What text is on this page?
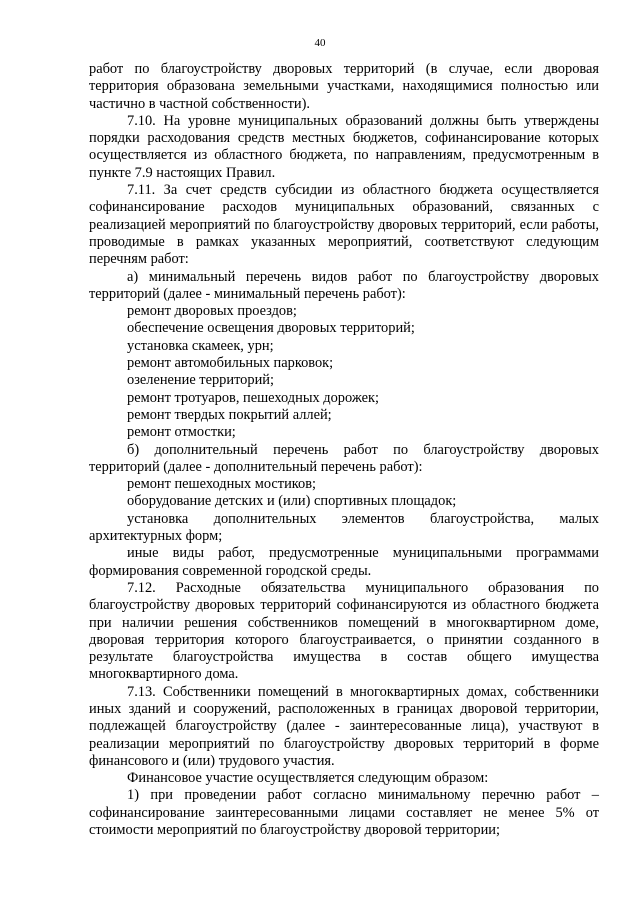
40

работ по благоустройству дворовых территорий (в случае, если дворовая территория образована земельными участками, находящимися полностью или частично в частной собственности).

7.10. На уровне муниципальных образований должны быть утверждены порядки расходования средств местных бюджетов, софинансирование которых осуществляется из областного бюджета, по направлениям, предусмотренным в пункте 7.9 настоящих Правил.

7.11. За счет средств субсидии из областного бюджета осуществляется софинансирование расходов муниципальных образований, связанных с реализацией мероприятий по благоустройству дворовых территорий, если работы, проводимые в рамках указанных мероприятий, соответствуют следующим перечням работ:

а) минимальный перечень видов работ по благоустройству дворовых территорий (далее - минимальный перечень работ):

ремонт дворовых проездов;

обеспечение освещения дворовых территорий;

установка скамеек, урн;

ремонт автомобильных парковок;

озеленение территорий;

ремонт тротуаров, пешеходных дорожек;

ремонт твердых покрытий аллей;

ремонт отмостки;

б) дополнительный перечень работ по благоустройству дворовых территорий (далее - дополнительный перечень работ):

ремонт пешеходных мостиков;

оборудование детских и (или) спортивных площадок;

установка дополнительных элементов благоустройства, малых архитектурных форм;

иные виды работ, предусмотренные муниципальными программами формирования современной городской среды.

7.12. Расходные обязательства муниципального образования по благоустройству дворовых территорий софинансируются из областного бюджета при наличии решения собственников помещений в многоквартирном доме, дворовая территория которого благоустраивается, о принятии созданного в результате благоустройства имущества в состав общего имущества многоквартирного дома.

7.13. Собственники помещений в многоквартирных домах, собственники иных зданий и сооружений, расположенных в границах дворовой территории, подлежащей благоустройству (далее - заинтересованные лица), участвуют в реализации мероприятий по благоустройству дворовых территорий в форме финансового и (или) трудового участия.

Финансовое участие осуществляется следующим образом:

1) при проведении работ согласно минимальному перечню работ – софинансирование заинтересованными лицами составляет не менее 5% от стоимости мероприятий по благоустройству дворовой территории;
